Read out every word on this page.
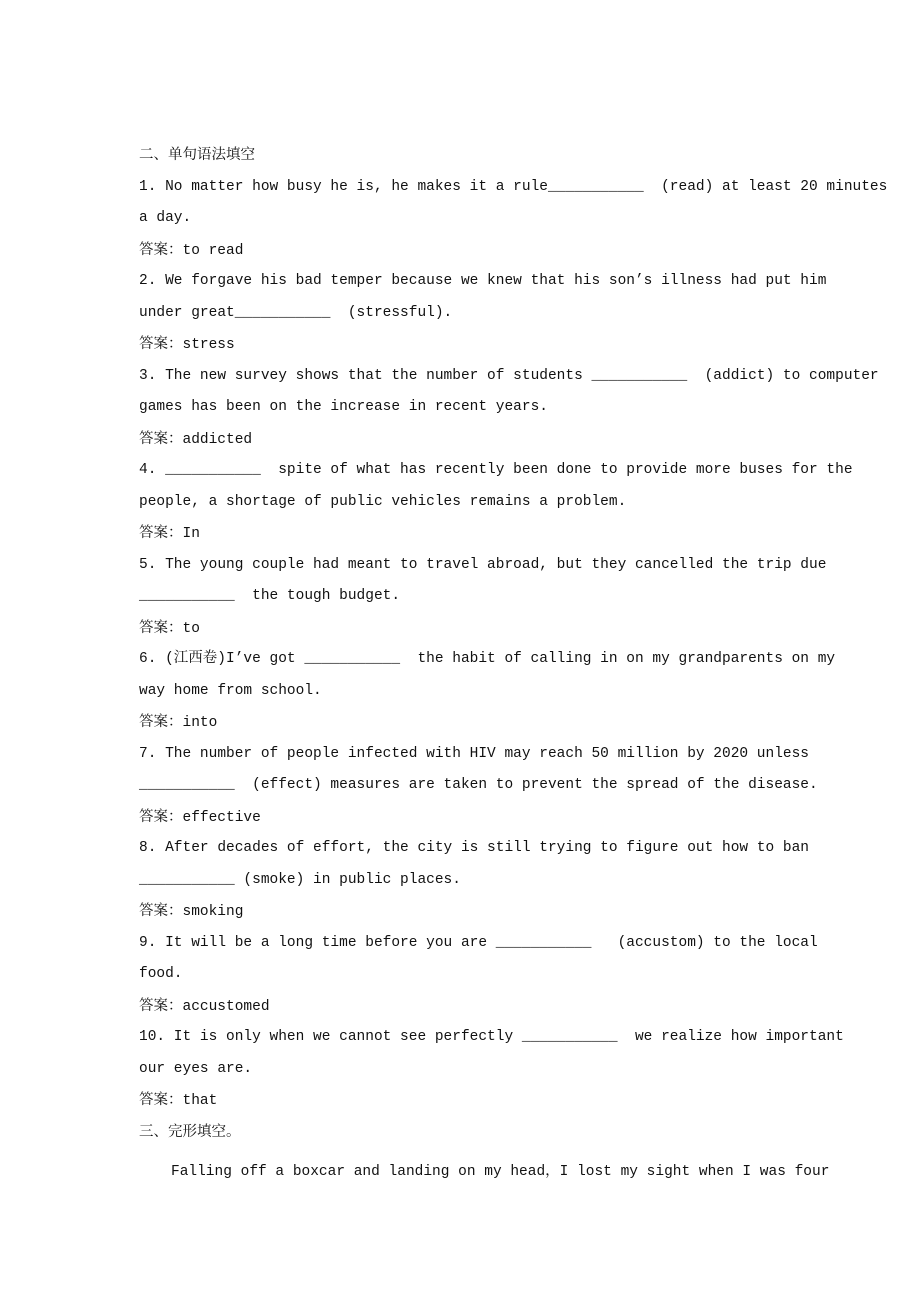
二、单句语法填空
1. No matter how busy he is, he makes it a rule___________  (read) at least 20 minutes
a day.
答案：to read
2. We forgave his bad temper because we knew that his son’s illness had put him
under great___________  (stressful).
答案：stress
3. The new survey shows that the number of students ___________  (addict) to computer
games has been on the increase in recent years.
答案：addicted
4. ___________  spite of what has recently been done to provide more buses for the
people, a shortage of public vehicles remains a problem.
答案：In
5. The young couple had meant to travel abroad, but they cancelled the trip due
___________  the tough budget.
答案：to
6. (江西卷)I’ve got ___________  the habit of calling in on my grandparents on my
way home from school.
答案：into
7. The number of people infected with HIV may reach 50 million by 2020 unless
___________  (effect) measures are taken to prevent the spread of the disease.
答案：effective
8. After decades of effort, the city is still trying to figure out how to ban
___________ (smoke) in public places.
答案：smoking
9. It will be a long time before you are ___________   (accustom) to the local
food.
答案：accustomed
10. It is only when we cannot see perfectly ___________  we realize how important
our eyes are.
答案：that
三、完形填空。
Falling off a boxcar and landing on my head，I lost my sight when I was four
